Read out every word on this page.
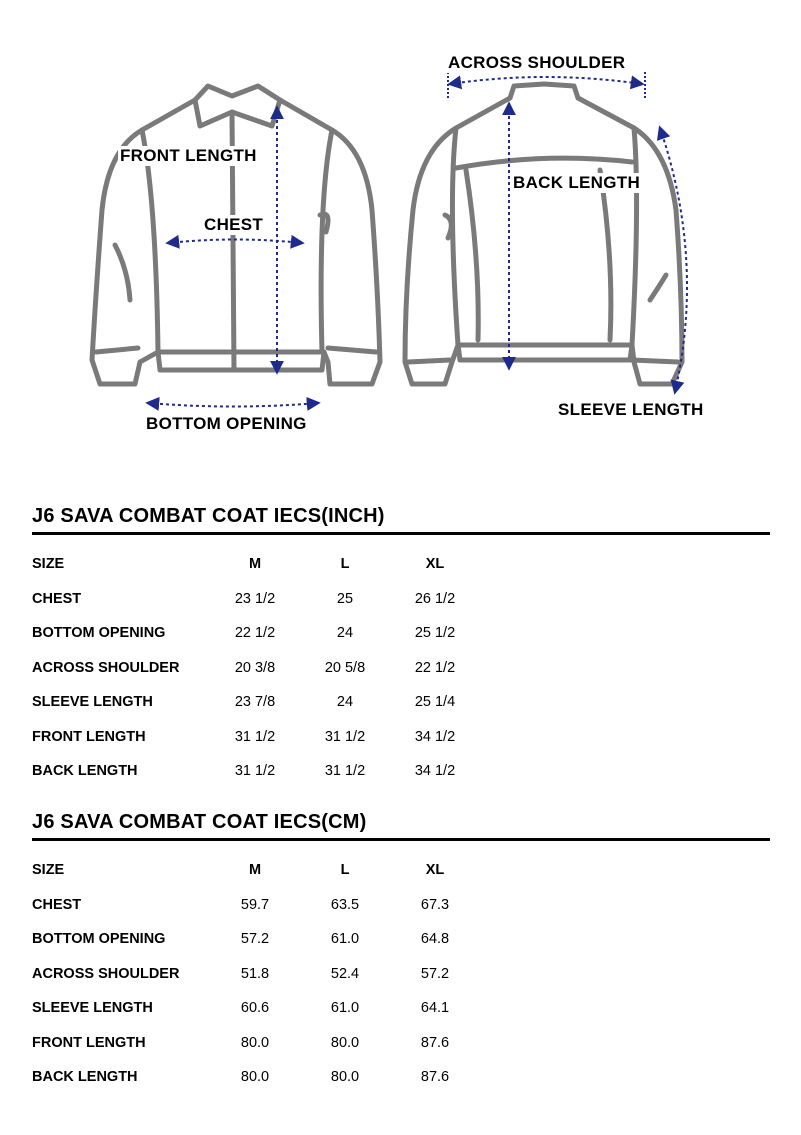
FRONT LENGTH
CHEST
BOTTOM OPENING
ACROSS SHOULDER
BACK LENGTH
SLEEVE LENGTH
J6 SAVA COMBAT COAT IECS(INCH)
SIZE	M	L	XL
CHEST	23 1/2	25	26 1/2
BOTTOM OPENING	22 1/2	24	25 1/2
ACROSS SHOULDER	20 3/8	20 5/8	22 1/2
SLEEVE LENGTH	23 7/8	24	25 1/4
FRONT LENGTH	31 1/2	31 1/2	34 1/2
BACK LENGTH	31 1/2	31 1/2	34 1/2
J6 SAVA COMBAT COAT IECS(CM)
SIZE	M	L	XL
CHEST	59.7	63.5	67.3
BOTTOM OPENING	57.2	61.0	64.8
ACROSS SHOULDER	51.8	52.4	57.2
SLEEVE LENGTH	60.6	61.0	64.1
FRONT LENGTH	80.0	80.0	87.6
BACK LENGTH	80.0	80.0	87.6
